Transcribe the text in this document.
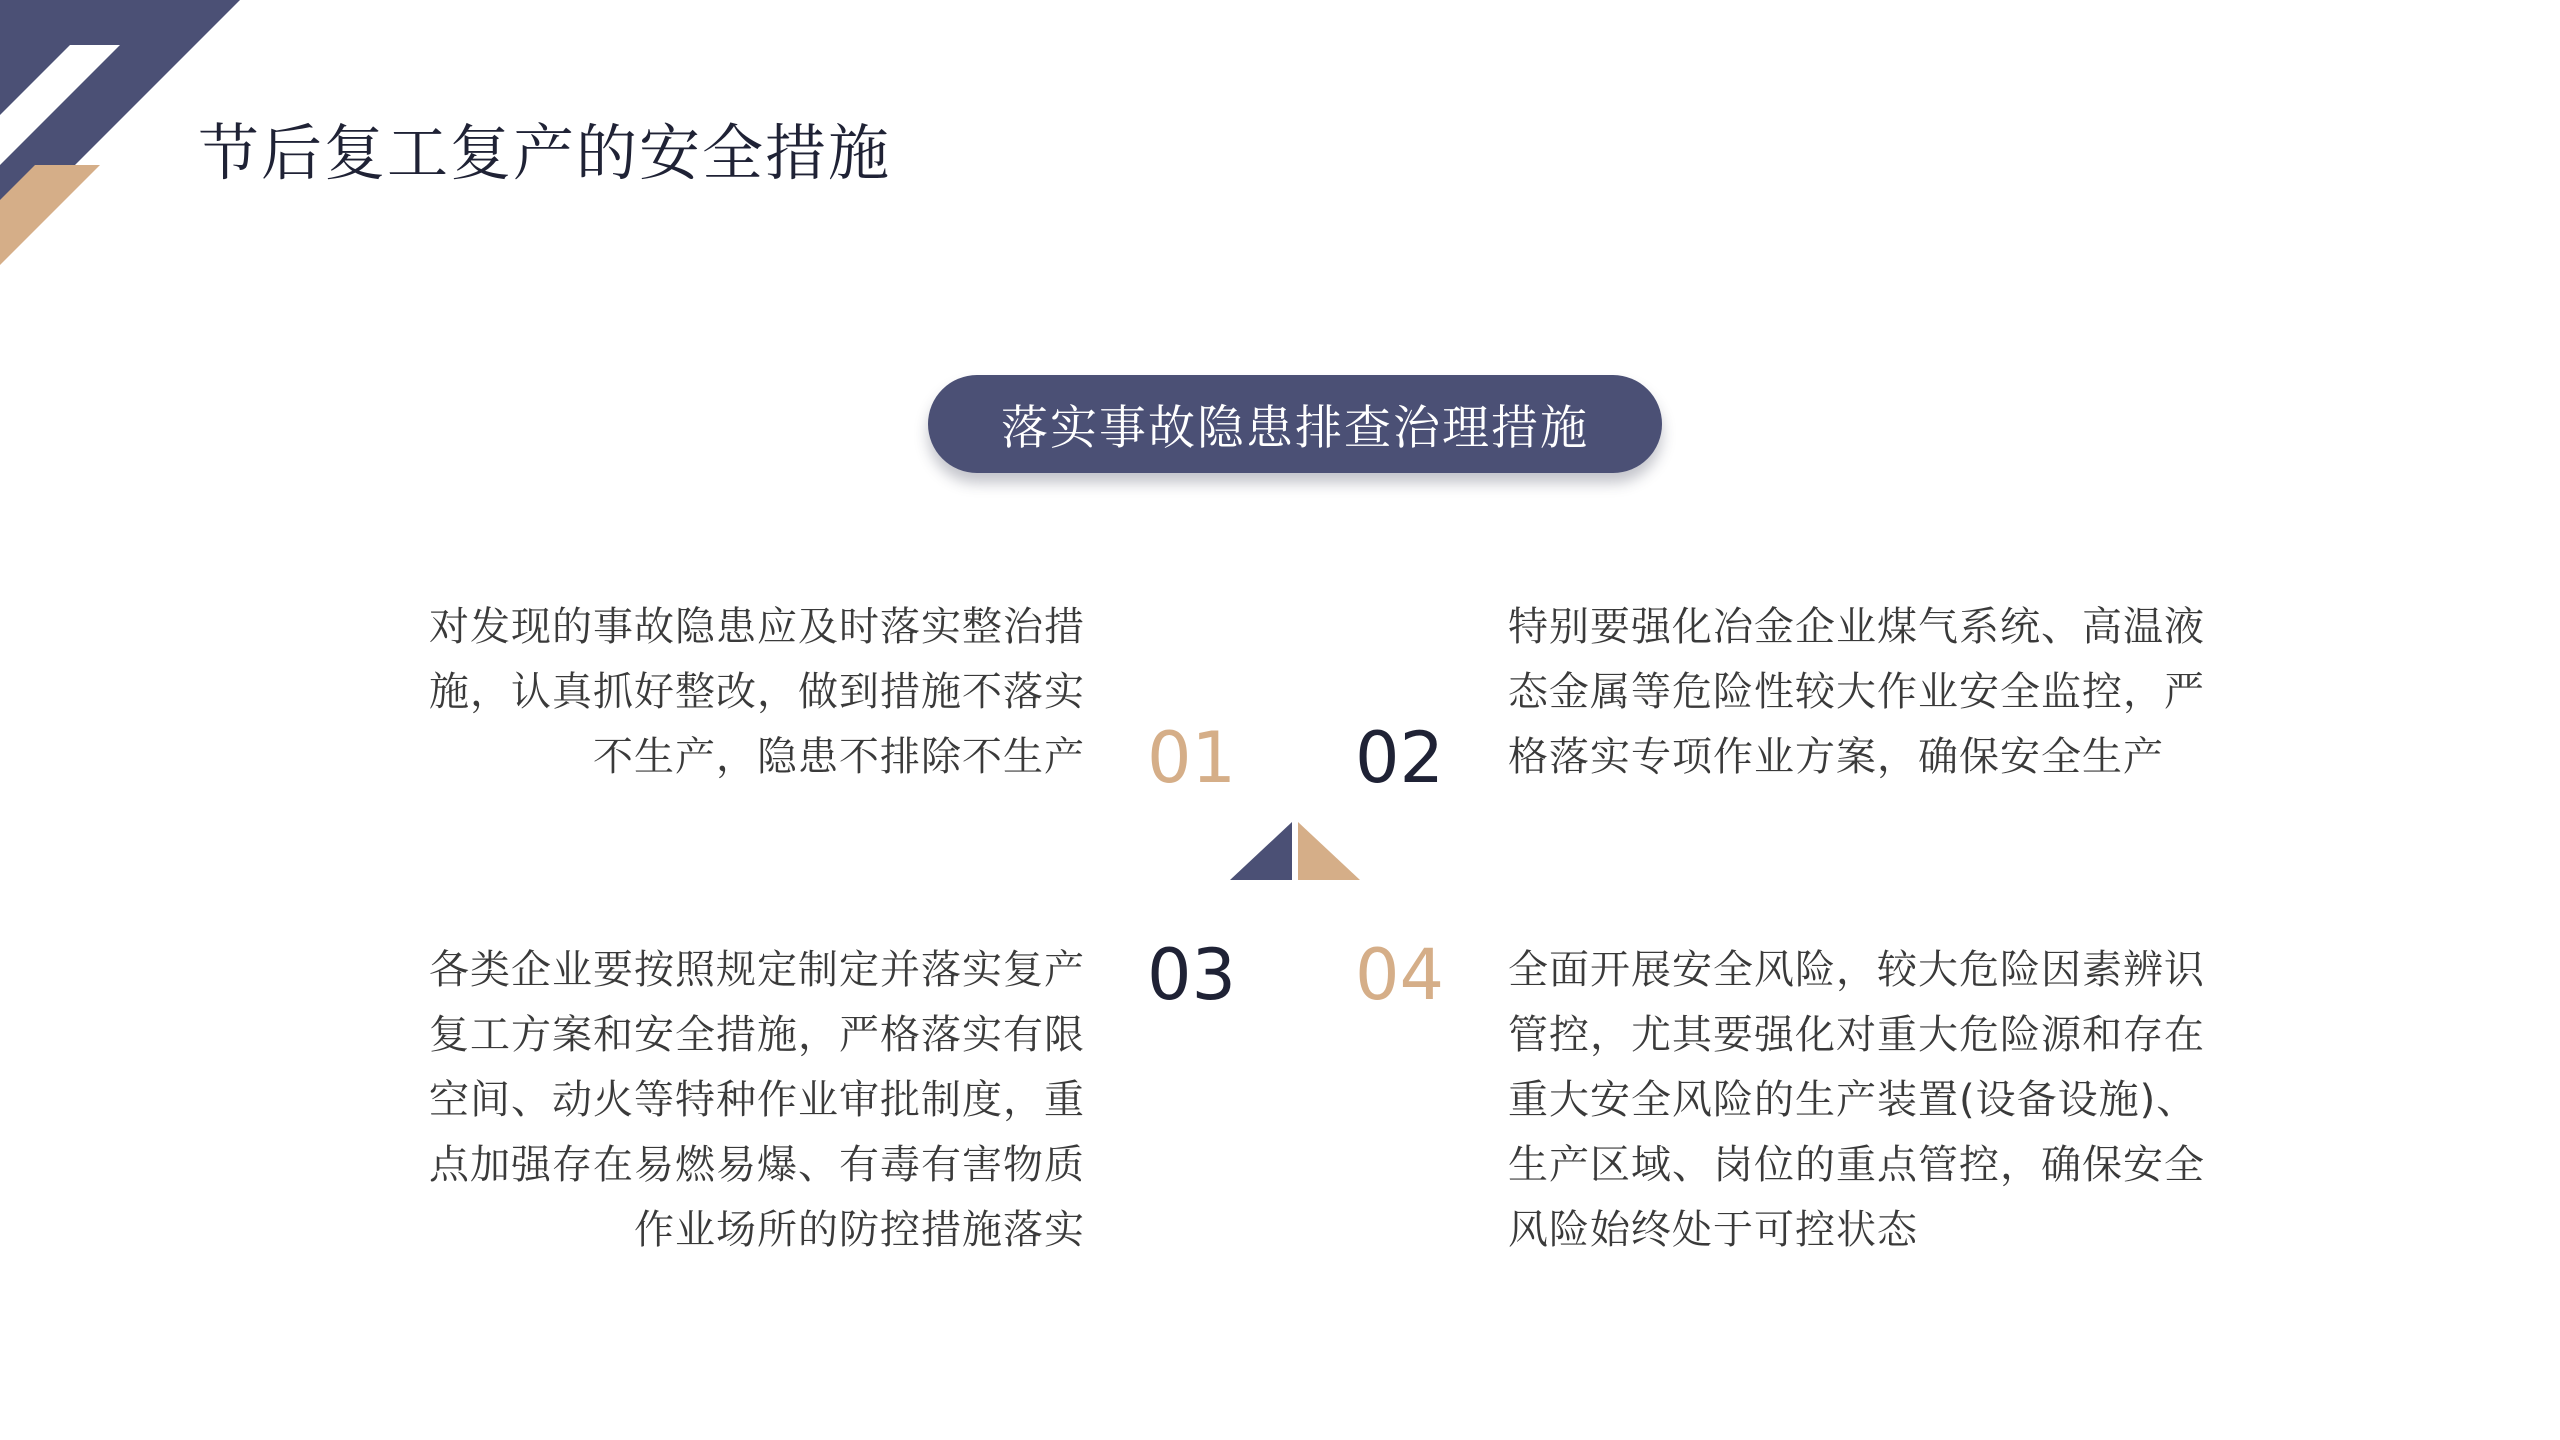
节后复工复产的安全措施
落实事故隐患排查治理措施
对发现的事故隐患应及时落实整治措施，认真抓好整改，做到措施不落实不生产，隐患不排除不生产 01 02
特别要强化冶金企业煤气系统、高温液态金属等危险性较大作业安全监控，严格落实专项作业方案，确保安全生产
各类企业要按照规定制定并落实复产复工方案和安全措施，严格落实有限空间、动火等特种作业审批制度，重点加强存在易燃易爆、有毒有害物质作业场所的防控措施落实
03 04 全面开展安全风险，较大危险因素辨识管控，尤其要强化对重大危险源和存在重大安全风险的生产装置(设备设施)、生产区域、岗位的重点管控，确保安全风险始终处于可控状态
